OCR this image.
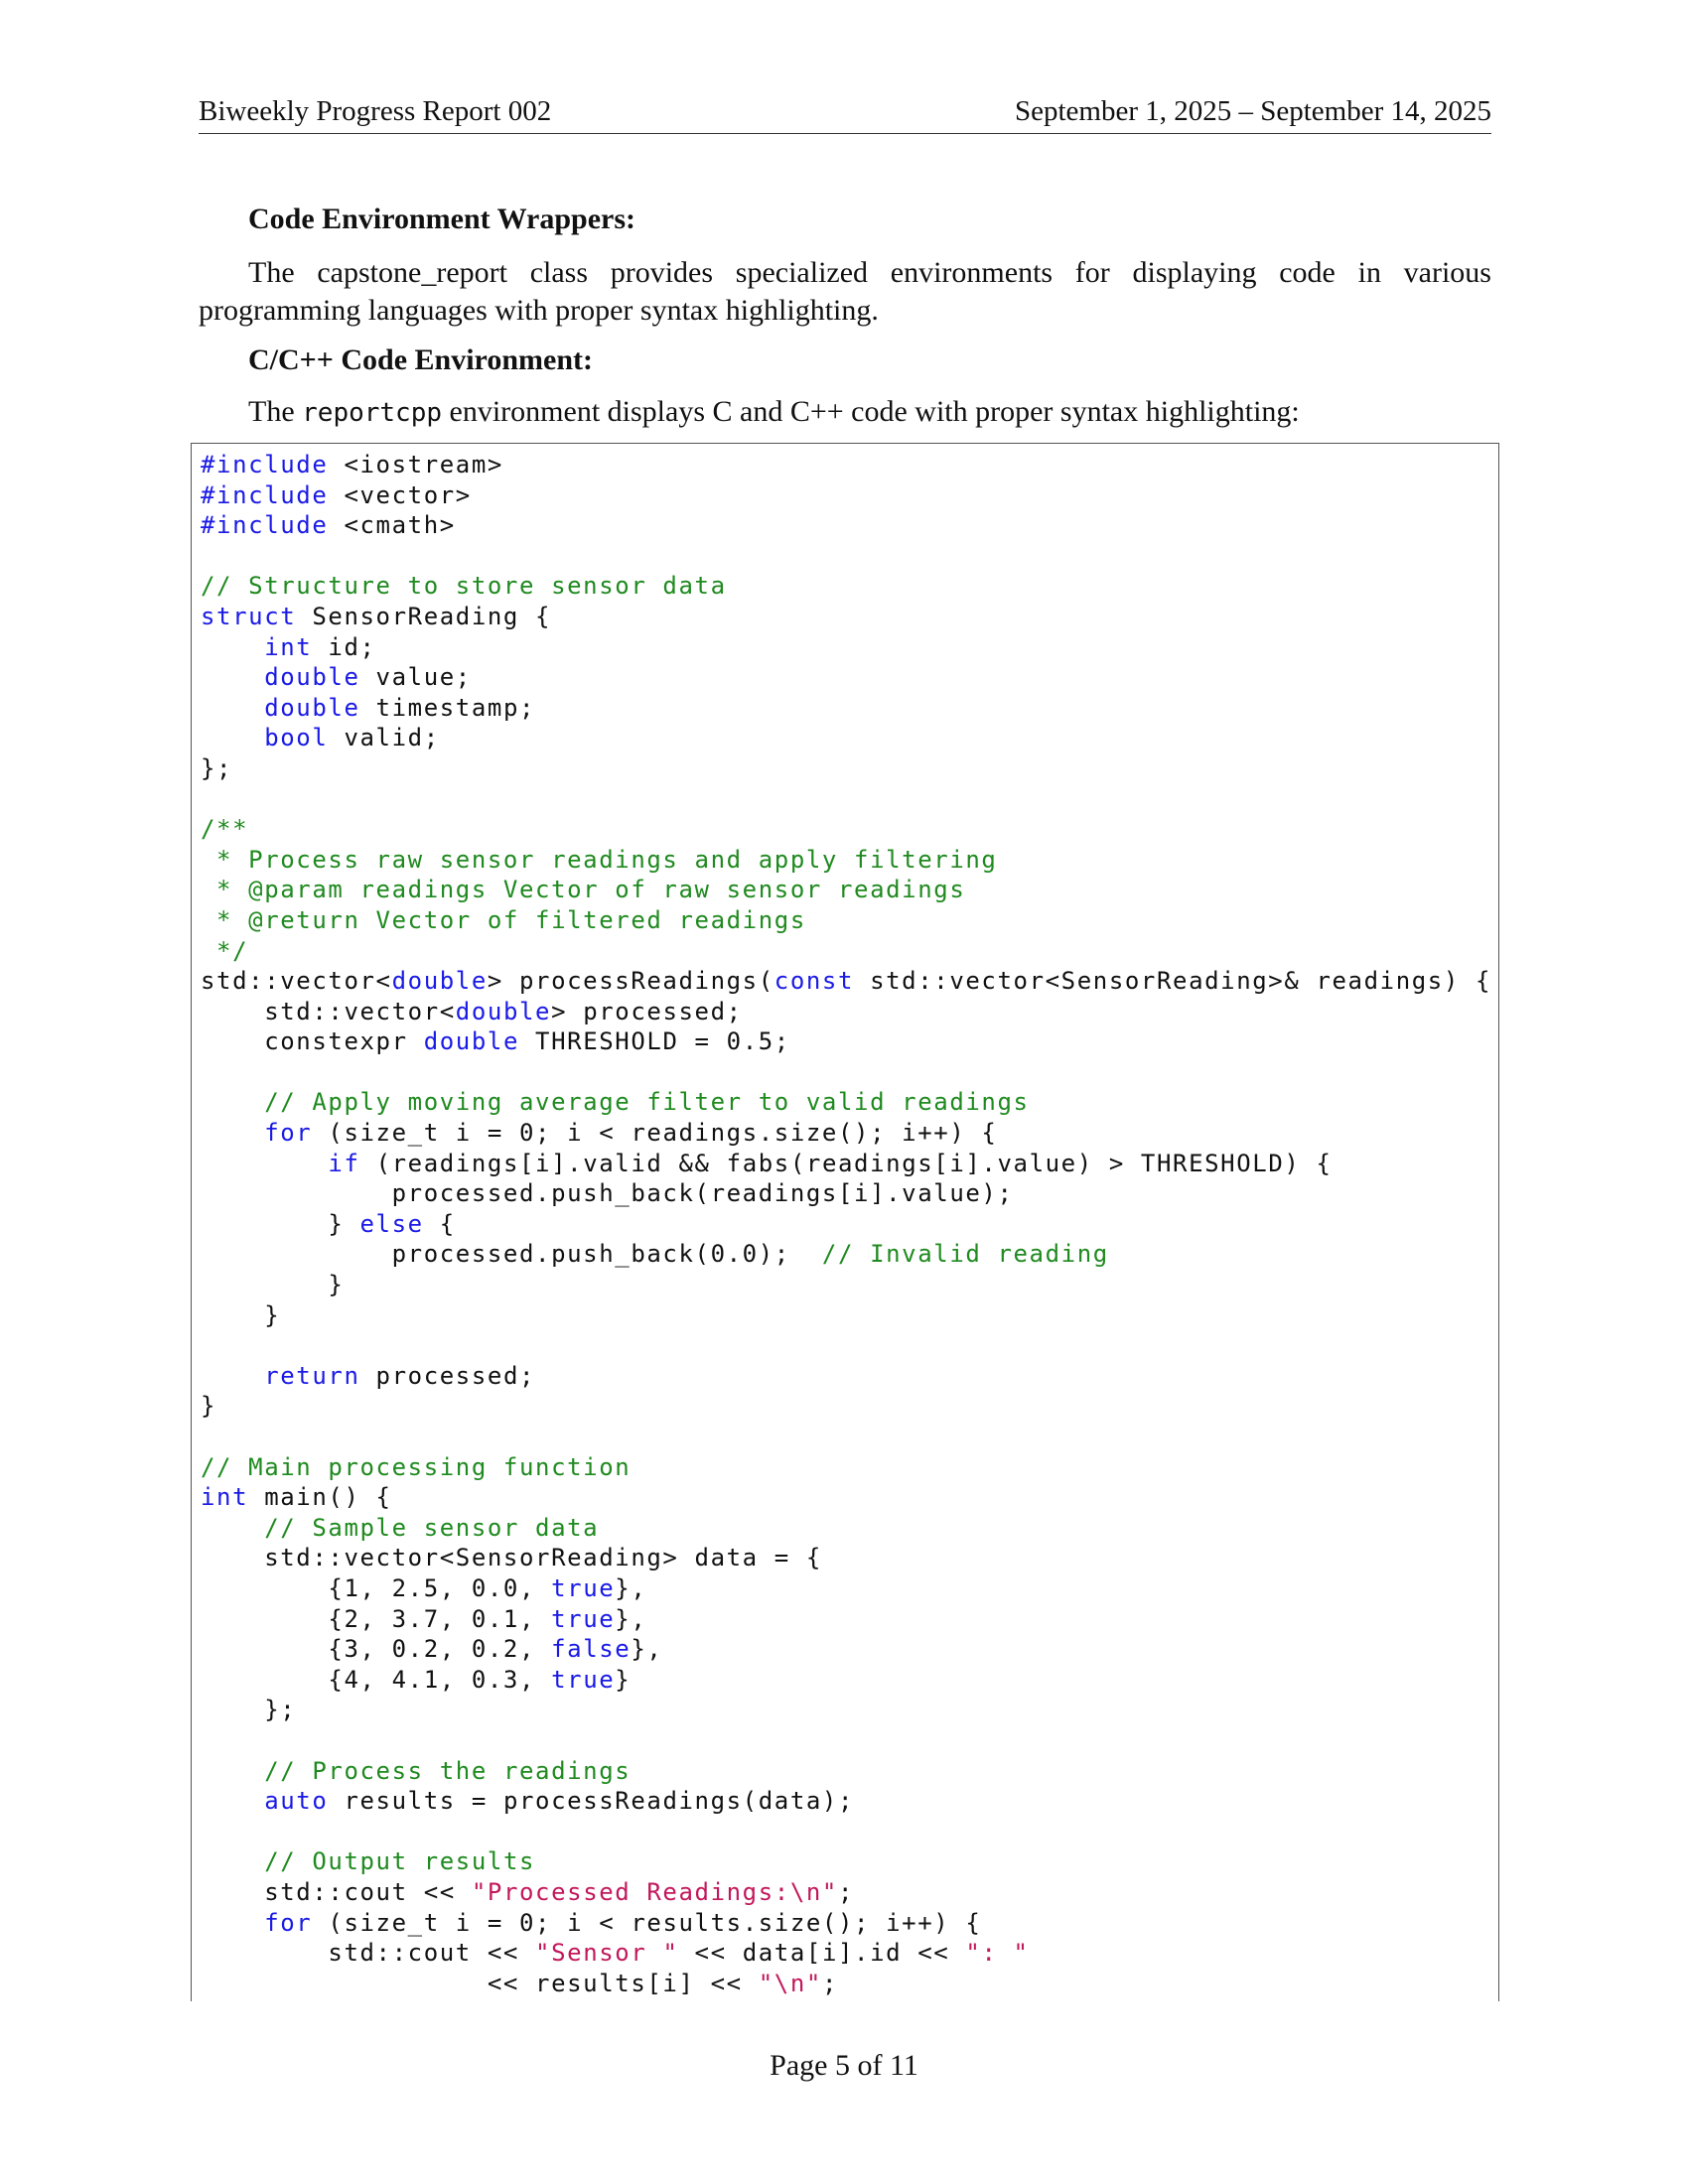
Biweekly Progress Report 002	September 1, 2025 – September 14, 2025
Code Environment Wrappers:
The capstone_report class provides specialized environments for displaying code in various programming languages with proper syntax highlighting.
C/C++ Code Environment:
The reportcpp environment displays C and C++ code with proper syntax highlighting:
#include <iostream>
#include <vector>
#include <cmath>
// Structure to store sensor data
struct SensorReading {
int id;
double value;
double timestamp;
bool valid;
};
/**
* Process raw sensor readings and apply filtering
* @param readings Vector of raw sensor readings
* @return Vector of filtered readings
*/
std::vector<double> processReadings(const std::vector<SensorReading>& readings) {
std::vector<double> processed;
constexpr double THRESHOLD = 0.5;
// Apply moving average filter to valid readings
for (size_t i = 0; i < readings.size(); i++) {
if (readings[i].valid && fabs(readings[i].value) > THRESHOLD) {
processed.push_back(readings[i].value);
} else {
processed.push_back(0.0);  // Invalid reading
}
}
return processed;
}
// Main processing function
int main() {
// Sample sensor data
std::vector<SensorReading> data = {
{1, 2.5, 0.0, true},
{2, 3.7, 0.1, true},
{3, 0.2, 0.2, false},
{4, 4.1, 0.3, true}
};
// Process the readings
auto results = processReadings(data);
// Output results
std::cout << "Processed Readings:\n";
for (size_t i = 0; i < results.size(); i++) {
std::cout << "Sensor " << data[i].id << ": "
<< results[i] << "\n";
Page 5 of 11
